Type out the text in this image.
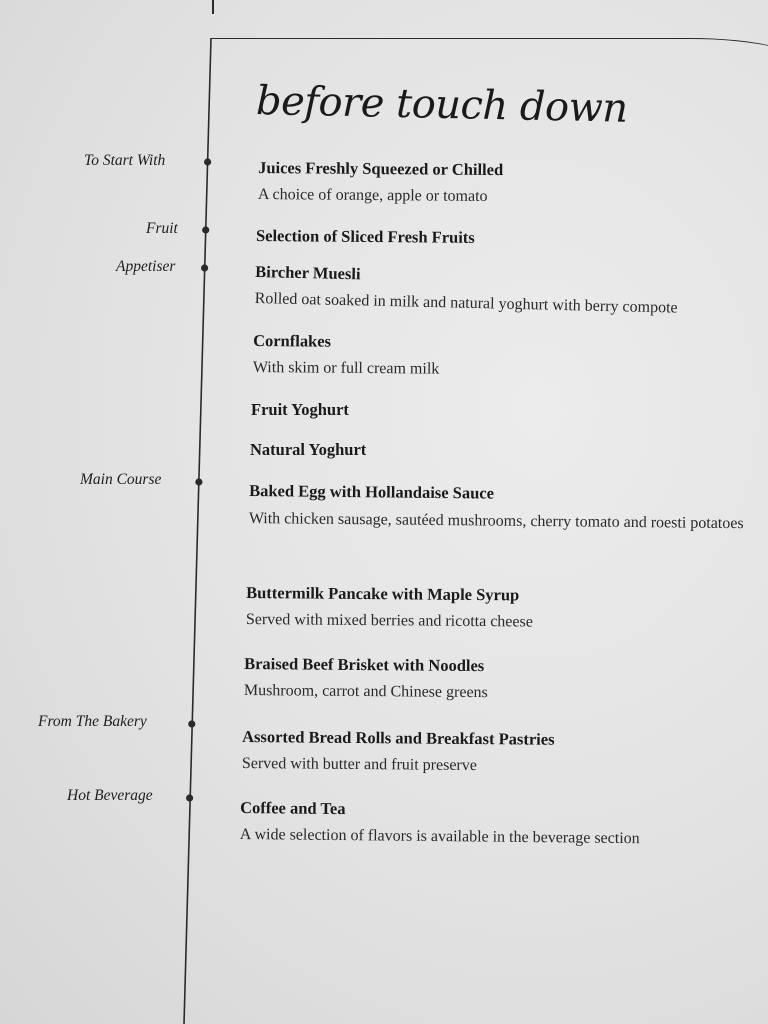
before touch down
To Start With
Fruit
Appetiser
Main Course
From The Bakery
Hot Beverage
Juices Freshly Squeezed or Chilled
A choice of orange, apple or tomato
Selection of Sliced Fresh Fruits
Bircher Muesli
Rolled oat soaked in milk and natural yoghurt with berry compote
Cornflakes
With skim or full cream milk
Fruit Yoghurt
Natural Yoghurt
Baked Egg with Hollandaise Sauce
With chicken sausage, sautéed mushrooms, cherry tomato and roesti potatoes
Buttermilk Pancake with Maple Syrup
Served with mixed berries and ricotta cheese
Braised Beef Brisket with Noodles
Mushroom, carrot and Chinese greens
Assorted Bread Rolls and Breakfast Pastries
Served with butter and fruit preserve
Coffee and Tea
A wide selection of flavors is available in the beverage section
